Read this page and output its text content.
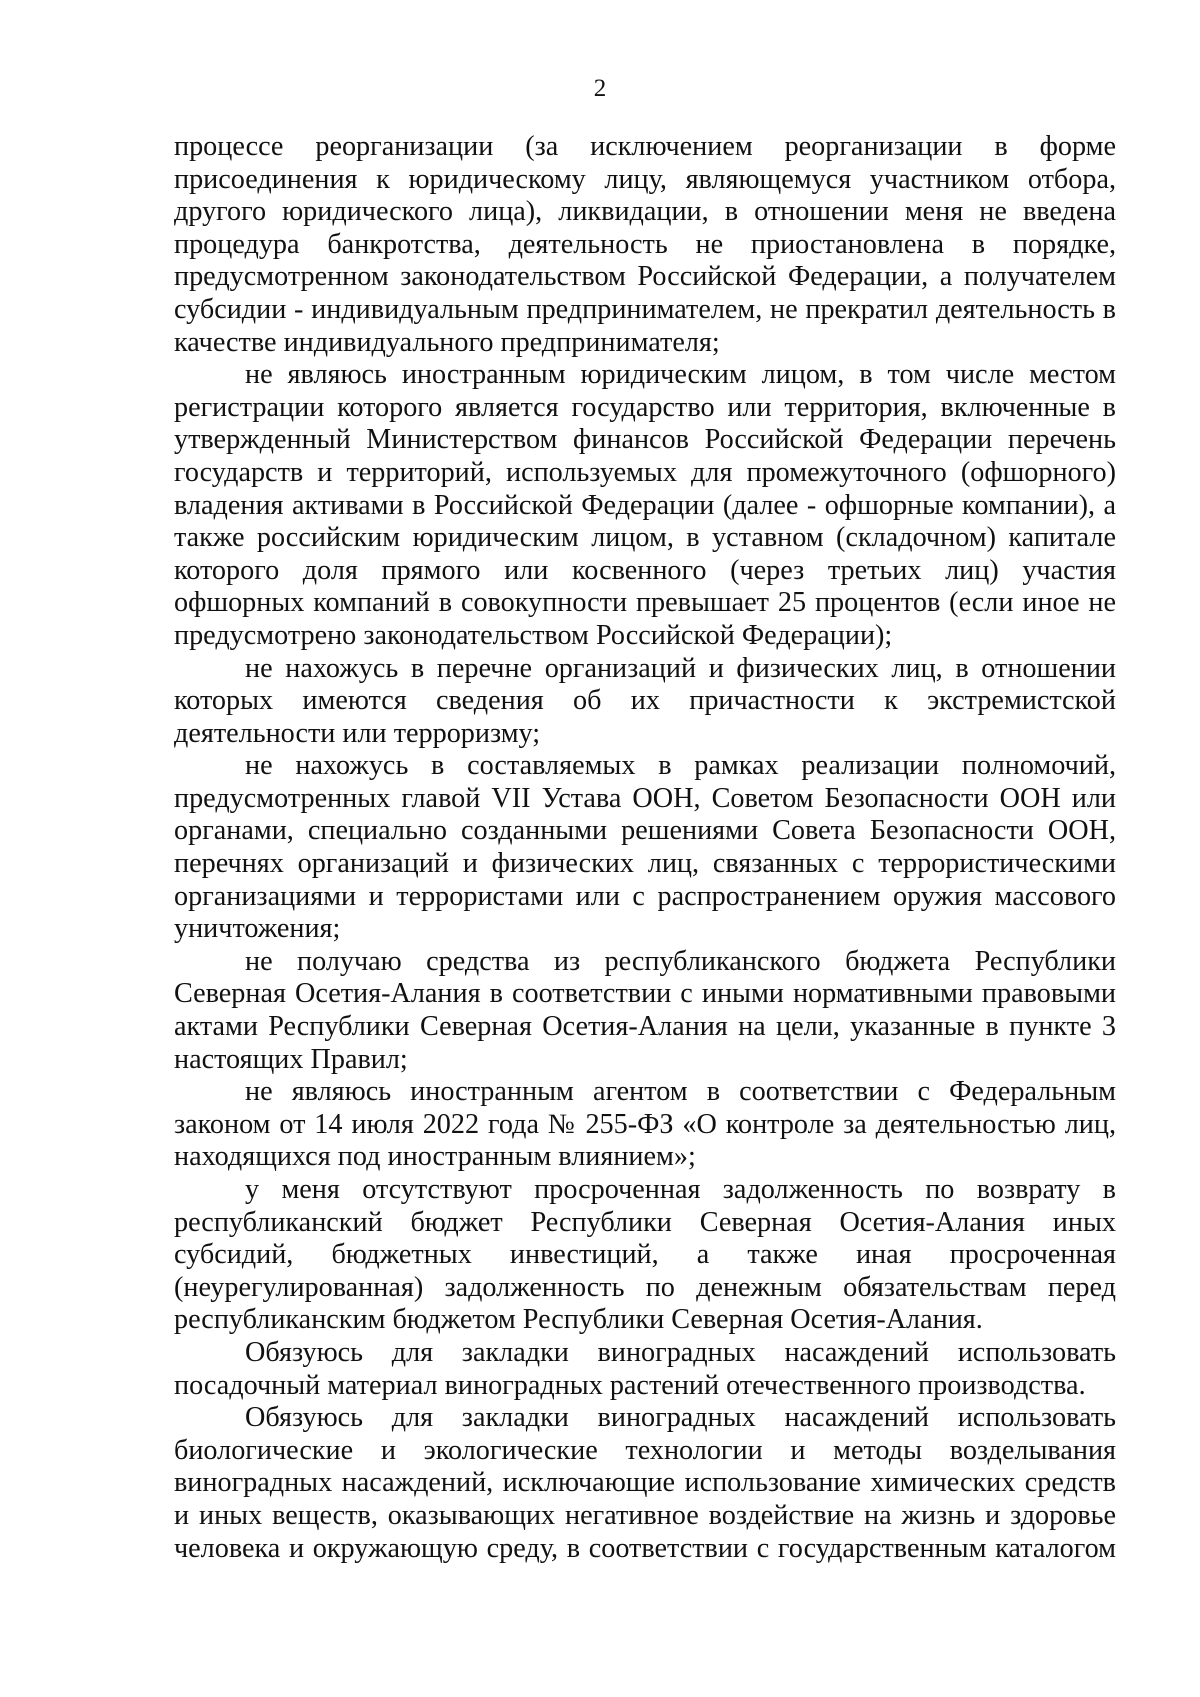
2

процессе реорганизации (за исключением реорганизации в форме присоединения к юридическому лицу, являющемуся участником отбора, другого юридического лица), ликвидации, в отношении меня не введена процедура банкротства, деятельность не приостановлена в порядке, предусмотренном законодательством Российской Федерации, а получателем субсидии - индивидуальным предпринимателем, не прекратил деятельность в качестве индивидуального предпринимателя;

не являюсь иностранным юридическим лицом, в том числе местом регистрации которого является государство или территория, включенные в утвержденный Министерством финансов Российской Федерации перечень государств и территорий, используемых для промежуточного (офшорного) владения активами в Российской Федерации (далее - офшорные компании), а также российским юридическим лицом, в уставном (складочном) капитале которого доля прямого или косвенного (через третьих лиц) участия офшорных компаний в совокупности превышает 25 процентов (если иное не предусмотрено законодательством Российской Федерации);

не нахожусь в перечне организаций и физических лиц, в отношении которых имеются сведения об их причастности к экстремистской деятельности или терроризму;

не нахожусь в составляемых в рамках реализации полномочий, предусмотренных главой VII Устава ООН, Советом Безопасности ООН или органами, специально созданными решениями Совета Безопасности ООН, перечнях организаций и физических лиц, связанных с террористическими организациями и террористами или с распространением оружия массового уничтожения;

не получаю средства из республиканского бюджета Республики Северная Осетия-Алания в соответствии с иными нормативными правовыми актами Республики Северная Осетия-Алания на цели, указанные в пункте 3 настоящих Правил;

не являюсь иностранным агентом в соответствии с Федеральным законом от 14 июля 2022 года № 255-ФЗ «О контроле за деятельностью лиц, находящихся под иностранным влиянием»;

у меня отсутствуют просроченная задолженность по возврату в республиканский бюджет Республики Северная Осетия-Алания иных субсидий, бюджетных инвестиций, а также иная просроченная (неурегулированная) задолженность по денежным обязательствам перед республиканским бюджетом Республики Северная Осетия-Алания.

Обязуюсь для закладки виноградных насаждений использовать посадочный материал виноградных растений отечественного производства.

Обязуюсь для закладки виноградных насаждений использовать биологические и экологические технологии и методы возделывания виноградных насаждений, исключающие использование химических средств и иных веществ, оказывающих негативное воздействие на жизнь и здоровье человека и окружающую среду, в соответствии с государственным каталогом
